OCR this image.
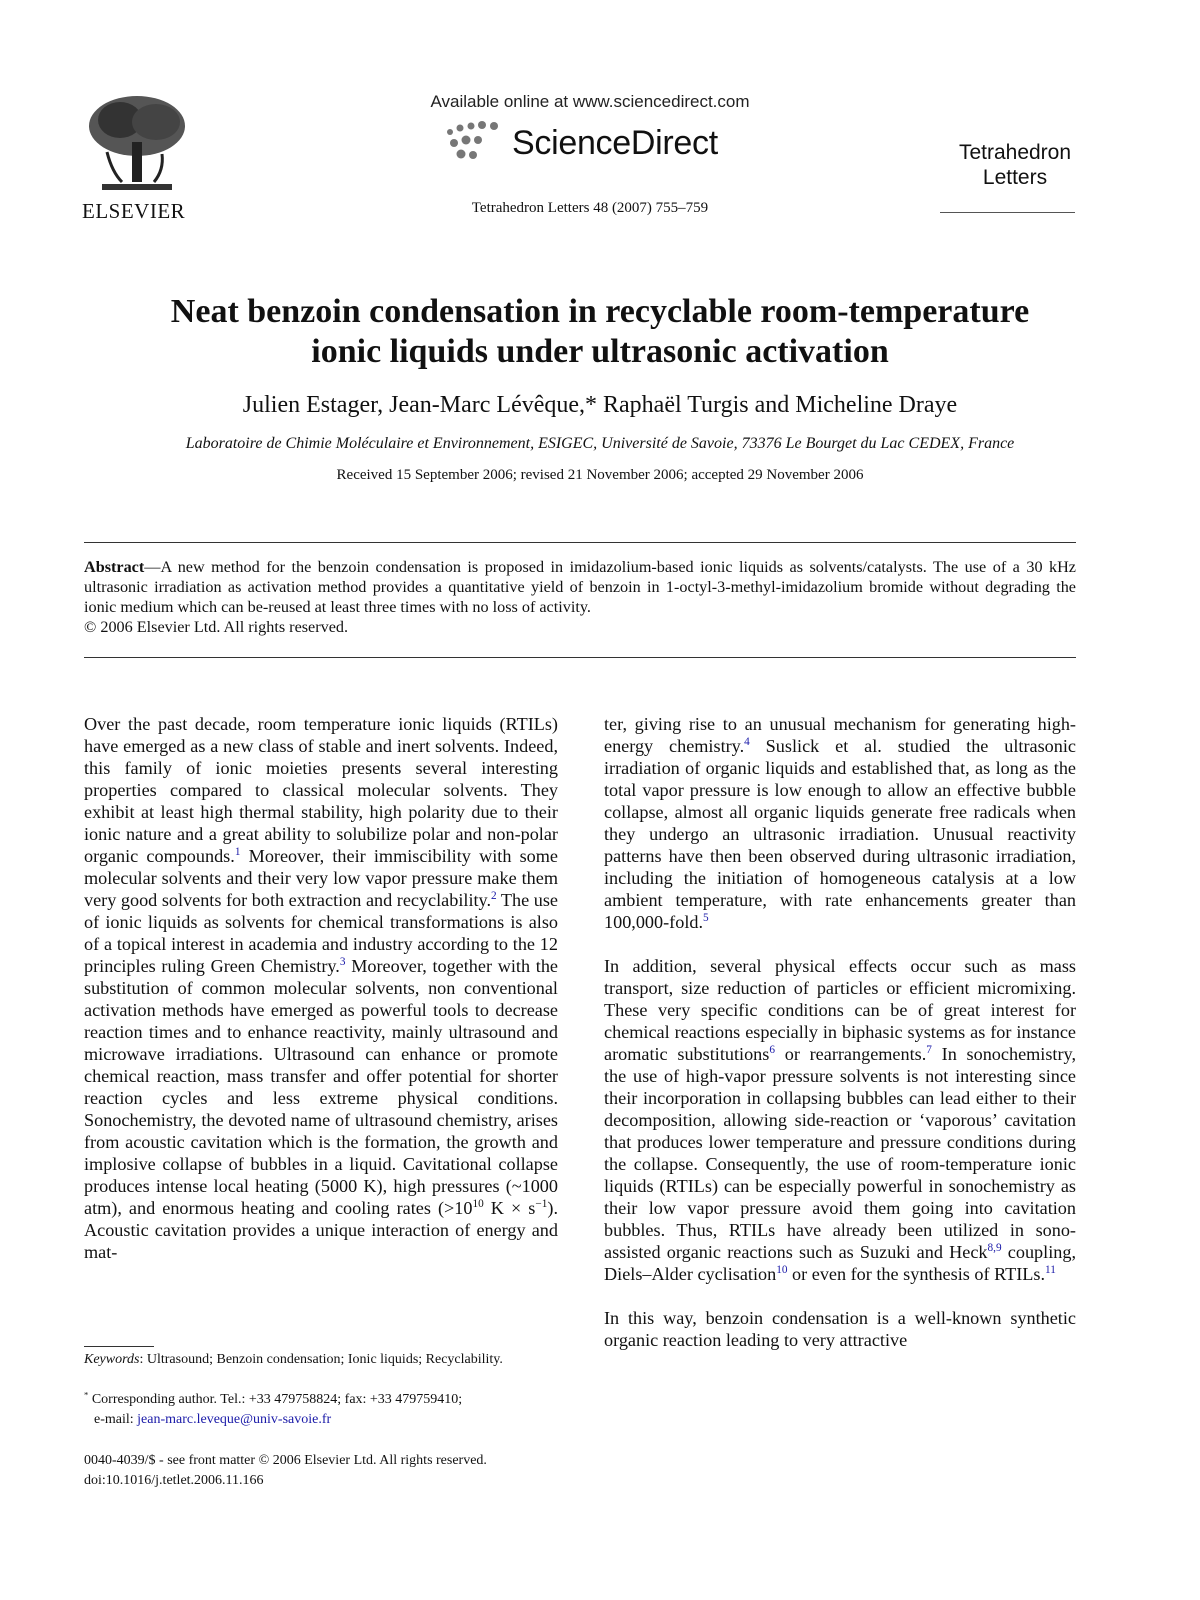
ELSEVIER
Available online at www.sciencedirect.com
ScienceDirect
Tetrahedron Letters 48 (2007) 755–759
Tetrahedron
Letters
Neat benzoin condensation in recyclable room-temperature
ionic liquids under ultrasonic activation
Julien Estager, Jean-Marc Lévêque,* Raphaël Turgis and Micheline Draye
Laboratoire de Chimie Moléculaire et Environnement, ESIGEC, Université de Savoie, 73376 Le Bourget du Lac CEDEX, France
Received 15 September 2006; revised 21 November 2006; accepted 29 November 2006
Abstract—A new method for the benzoin condensation is proposed in imidazolium-based ionic liquids as solvents/catalysts. The use of a 30 kHz ultrasonic irradiation as activation method provides a quantitative yield of benzoin in 1-octyl-3-methyl-imidazolium bromide without degrading the ionic medium which can be-reused at least three times with no loss of activity.
© 2006 Elsevier Ltd. All rights reserved.

Over the past decade, room temperature ionic liquids (RTILs) have emerged as a new class of stable and inert solvents. Indeed, this family of ionic moieties presents several interesting properties compared to classical molecular solvents. They exhibit at least high thermal stability, high polarity due to their ionic nature and a great ability to solubilize polar and non-polar organic compounds.$^1$ Moreover, their immiscibility with some molecular solvents and their very low vapor pressure make them very good solvents for both extraction and recyclability.$^2$ The use of ionic liquids as solvents for chemical transformations is also of a topical interest in academia and industry according to the 12 principles ruling Green Chemistry.$^3$ Moreover, together with the substitution of common molecular solvents, non conventional activation methods have emerged as powerful tools to decrease reaction times and to enhance reactivity, mainly ultrasound and microwave irradiations. Ultrasound can enhance or promote chemical reaction, mass transfer and offer potential for shorter reaction cycles and less extreme physical conditions. Sonochemistry, the devoted name of ultrasound chemistry, arises from acoustic cavitation which is the formation, the growth and implosive collapse of bubbles in a liquid. Cavitational collapse produces intense local heating (5000 K), high pressures (~1000 atm), and enormous heating and cooling rates ($>10^{10}$ $K \times s^{-1}$). Acoustic cavitation provides a unique interaction of energy and mat-

Keywords: Ultrasound; Benzoin condensation; Ionic liquids; Recyclability.
* Corresponding author. Tel.: +33 479758824; fax: +33 479759410;
e-mail: jean-marc.leveque@univ-savoie.fr
0040-4039/$ - see front matter © 2006 Elsevier Ltd. All rights reserved.
doi:10.1016/j.tetlet.2006.11.166

ter, giving rise to an unusual mechanism for generating high-energy chemistry.$^4$ Suslick et al. studied the ultrasonic irradiation of organic liquids and established that, as long as the total vapor pressure is low enough to allow an effective bubble collapse, almost all organic liquids generate free radicals when they undergo an ultrasonic irradiation. Unusual reactivity patterns have then been observed during ultrasonic irradiation, including the initiation of homogeneous catalysis at a low ambient temperature, with rate enhancements greater than 100,000-fold.$^5$

In addition, several physical effects occur such as mass transport, size reduction of particles or efficient micromixing. These very specific conditions can be of great interest for chemical reactions especially in biphasic systems as for instance aromatic substitutions$^6$ or rearrangements.$^7$ In sonochemistry, the use of high-vapor pressure solvents is not interesting since their incorporation in collapsing bubbles can lead either to their decomposition, allowing side-reaction or ‘vaporous’ cavitation that produces lower temperature and pressure conditions during the collapse. Consequently, the use of room-temperature ionic liquids (RTILs) can be especially powerful in sonochemistry as their low vapor pressure avoid them going into cavitation bubbles. Thus, RTILs have already been utilized in sono-assisted organic reactions such as Suzuki and Heck$^{8,9}$ coupling, Diels–Alder cyclisation$^{10}$ or even for the synthesis of RTILs.$^{11}$

In this way, benzoin condensation is a well-known synthetic organic reaction leading to very attractive
